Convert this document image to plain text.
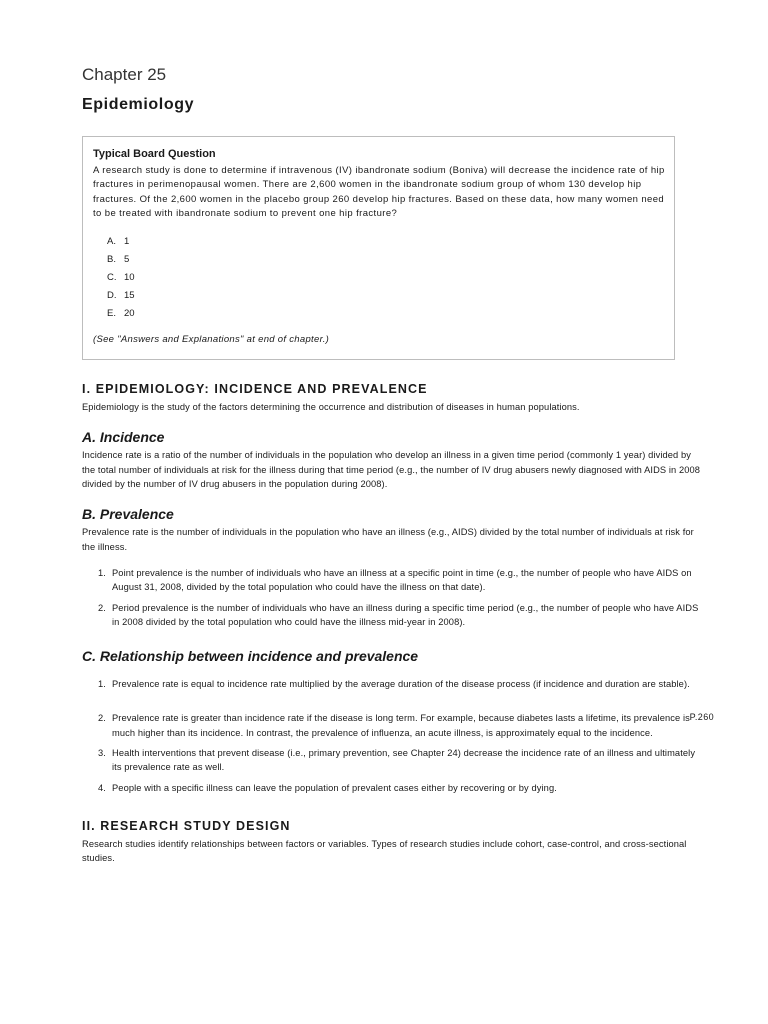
Chapter 25

Epidemiology

Typical Board Question

A research study is done to determine if intravenous (IV) ibandronate sodium (Boniva) will decrease the incidence rate of hip fractures in perimenopausal women. There are 2,600 women in the ibandronate sodium group of whom 130 develop hip fractures. Of the 2,600 women in the placebo group 260 develop hip fractures. Based on these data, how many women need to be treated with ibandronate sodium to prevent one hip fracture?

A. 1
B. 5
C. 10
D. 15
E. 20

(See "Answers and Explanations" at end of chapter.)

I. EPIDEMIOLOGY: INCIDENCE AND PREVALENCE

Epidemiology is the study of the factors determining the occurrence and distribution of diseases in human populations.

A. Incidence

Incidence rate is a ratio of the number of individuals in the population who develop an illness in a given time period (commonly 1 year) divided by the total number of individuals at risk for the illness during that time period (e.g., the number of IV drug abusers newly diagnosed with AIDS in 2008 divided by the number of IV drug abusers in the population during 2008).

B. Prevalence

Prevalence rate is the number of individuals in the population who have an illness (e.g., AIDS) divided by the total number of individuals at risk for the illness.

1. Point prevalence is the number of individuals who have an illness at a specific point in time (e.g., the number of people who have AIDS on August 31, 2008, divided by the total population who could have the illness on that date).
2. Period prevalence is the number of individuals who have an illness during a specific time period (e.g., the number of people who have AIDS in 2008 divided by the total population who could have the illness mid-year in 2008).
C. Relationship between incidence and prevalence
1. Prevalence rate is equal to incidence rate multiplied by the average duration of the disease process (if incidence and duration are stable).
2. Prevalence rate is greater than incidence rate if the disease is long term. For example, because diabetes lasts a lifetime, its prevalence is much higher than its incidence. In contrast, the prevalence of influenza, an acute illness, is approximately equal to the incidence.
3. Health interventions that prevent disease (i.e., primary prevention, see Chapter 24) decrease the incidence rate of an illness and ultimately its prevalence rate as well.
4. People with a specific illness can leave the population of prevalent cases either by recovering or by dying.
P.260
II. RESEARCH STUDY DESIGN

Research studies identify relationships between factors or variables. Types of research studies include cohort, case-control, and cross-sectional studies.
